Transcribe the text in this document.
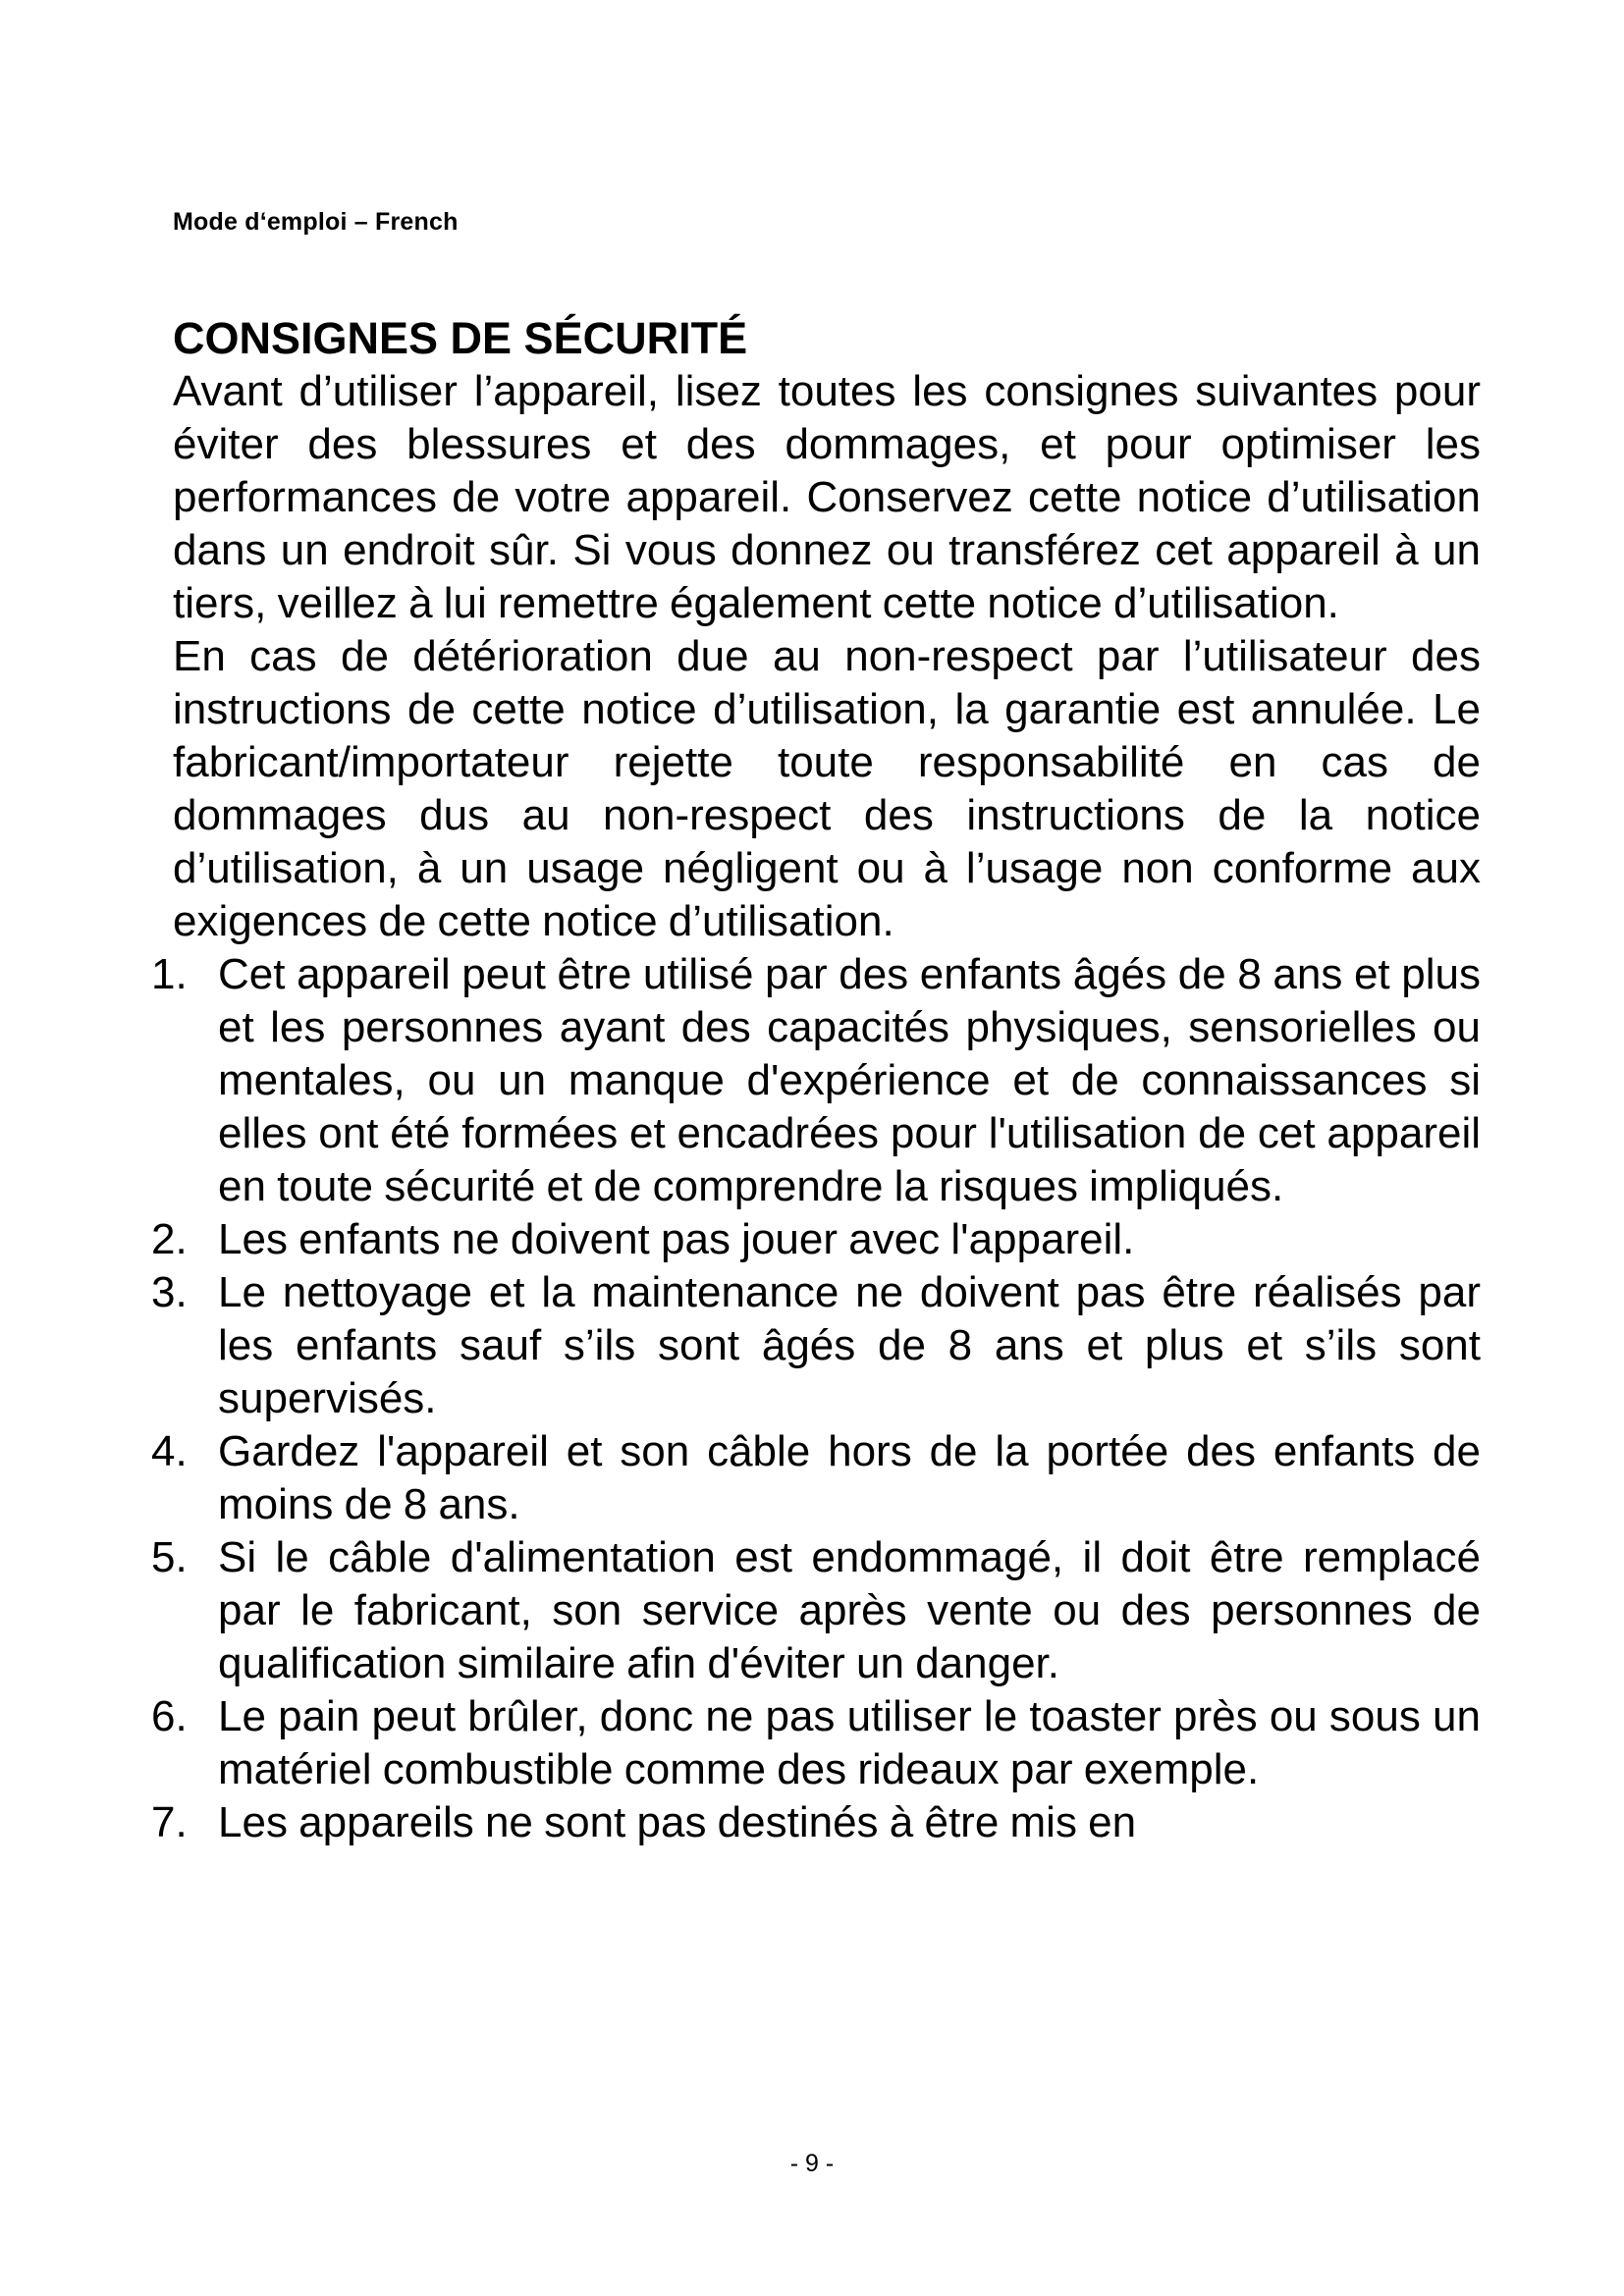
Mode d‘emploi – French
CONSIGNES DE SÉCURITÉ

Avant d’utiliser l’appareil, lisez toutes les consignes suivantes pour éviter des blessures et des dommages, et pour optimiser les performances de votre appareil. Conservez cette notice d’utilisation dans un endroit sûr. Si vous donnez ou transférez cet appareil à un tiers, veillez à lui remettre également cette notice d’utilisation.

En cas de détérioration due au non-respect par l’utilisateur des instructions de cette notice d’utilisation, la garantie est annulée. Le fabricant/importateur rejette toute responsabilité en cas de dommages dus au non-respect des instructions de la notice d’utilisation, à un usage négligent ou à l’usage non conforme aux exigences de cette notice d’utilisation.

1. Cet appareil peut être utilisé par des enfants âgés de 8 ans et plus et les personnes ayant des capacités physiques, sensorielles ou mentales, ou un manque d'expérience et de connaissances si elles ont été formées et encadrées pour l'utilisation de cet appareil en toute sécurité et de comprendre la risques impliqués.
2. Les enfants ne doivent pas jouer avec l'appareil.
3. Le nettoyage et la maintenance ne doivent pas être réalisés par les enfants sauf s’ils sont âgés de 8 ans et plus et s’ils sont supervisés.
4. Gardez l'appareil et son câble hors de la portée des enfants de moins de 8 ans.
5. Si le câble d'alimentation est endommagé, il doit être remplacé par le fabricant, son service après vente ou des personnes de qualification similaire afin d'éviter un danger.
6. Le pain peut brûler, donc ne pas utiliser le toaster près ou sous un matériel combustible comme des rideaux par exemple.
7. Les appareils ne sont pas destinés à être mis en
- 9 -
